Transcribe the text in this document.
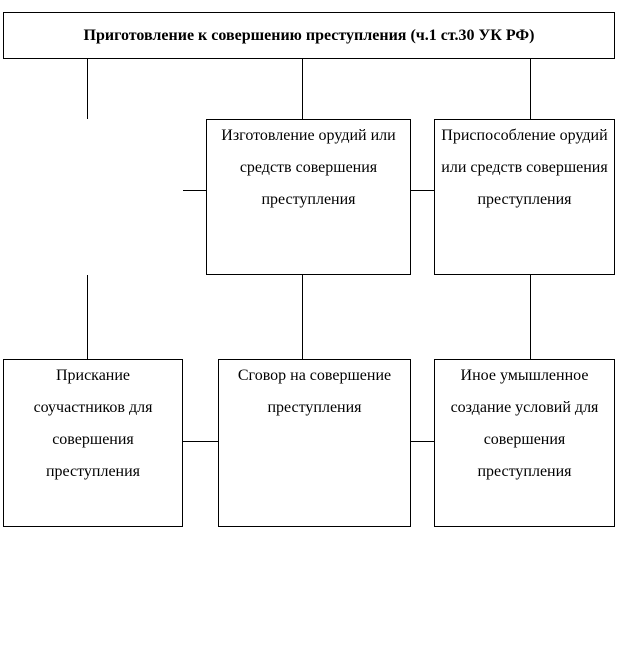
Приготовление к совершению преступления (ч.1 ст.30 УК РФ)
Изготовление орудий или средств совершения преступления
Приспособление орудий или средств совершения преступления
Прискание соучастников для совершения преступления
Сговор на совершение преступления
Иное умышленное создание условий для совершения преступления
